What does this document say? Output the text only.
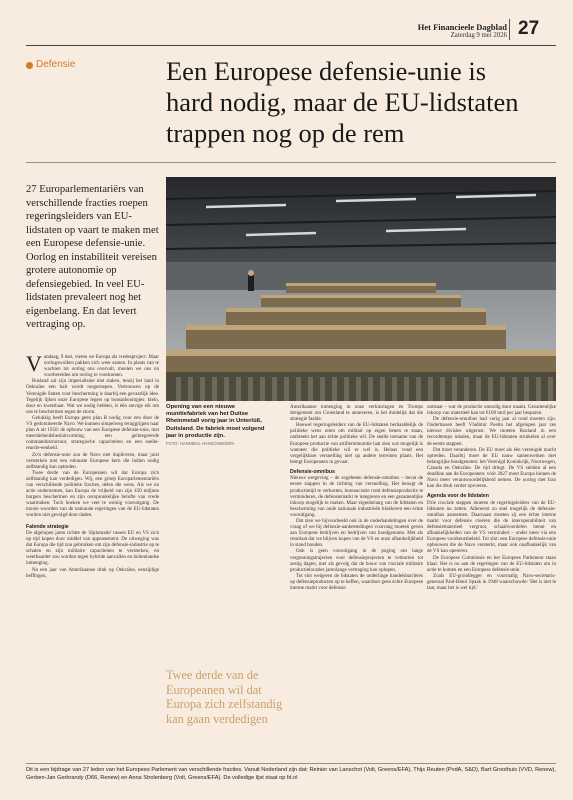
Het Financieele Dagblad
Zaterdag 9 mei 2026 27
Defensie	Een Europese defensie-unie is hard nodig, maar de EU-lidstaten trappen nog op de rem
27 Europarlementariërs van verschillende fracties roepen regeringsleiders van EU-lidstaten op vaart te maken met een Europese defensie-unie. Oorlog en instabiliteit vereisen grotere autonomie op defensiegebied. In veel EU-lidstaten prevaleert nog het eigenbelang. En dat levert vertraging op.

V andaag, 9 mei, vieren we Europa als vredesproject. Maar oorlogswolken pakken zich weer samen. In plaats van te wachten tot oorlog ons overvalt, moeten we ons nú voorbereiden om oorlog te voorkomen.

Rusland zal zijn imperialisme niet staken, tenzij het land in Oekraïne een halt wordt toegeroepen. Vertrouwen op de Verenigde Staten voor bescherming is daarbij een gevaarlijk idee. Tegelijk lijken onze Europese legers op bonsaiboompjes: klein, duur en kwetsbaar. Wat we nodig hebben, is één stevige eik om ons te beschermen tegen de storm.

Gelukkig heeft Europa geen plan B nodig voor een door de VS gedomineerde Navo. We kunnen simpelweg teruggrijpen naar plan A uit 1950: de opbouw van een Europese defensie-unie, met meerderheidsbesluitvorming, een geïntegreerde commandostructuur, strategische capaciteiten en een snelle-reactie-eenheid.

Zo'n defensie-unie zou de Navo niet dupliceren, maar juist versterken met een robuuste Europese kern die indien nodig zelfstandig kan optreden.

Twee derde van de Europeanen wil dat Europa zich zelfstandig kan verdedigen. Wij, een groep Europarlementariërs van verschillende politieke fracties, delen die wens. Als we nu actie ondernemen, kan Europa de vrijheid van zijn 450 miljoen burgers beschermen en zijn oorspronkelijke belofte van vrede waarmaken. Toch hoeken we veel te weinig vooruitgang. De mooie woorden van de nationale regeringen van de EU-lidstaten worden niet gevolgd door daden.

Falende strategie

De afgelopen jaren richtte de 'diplomatie' tussen EU en VS zich op tijd kopen door middel van appeasement. De uitweging was dat Europa die tijd zou gebruiken om zijn defensie-industrie op te schalen en zijn militaire capaciteiten te versterken, en weerbaarder zou worden tegen hybride aanvallen en buitenlandse inmenging.

Na een jaar van Amerikaanse druk op Oekraïne, eenzijdige heffingen,

Opening van een nieuwe munitiefabriek van het Duitse Rheinmetall vorig jaar in Unterlüß, Duitsland. De fabriek moet volgend jaar in productie zijn.
FOTO: HANNIBAL HANSCHKE/EPA

Amerikaanse inmenging in onze verkiezingen en Trumps dreigement om Groenland te annexeren, is het duidelijk dat die strategie faalde.

Hoewel regeringsleiders van de EU-lidstaten herhaaldelijk de politieke wens uiten om militair op eigen benen te staan, ontbreekt het aan échte politieke wil. De snelle toename van de Europese productie van artilleriemunitie laat zien wat mogelijk is wanneer die politieke wil er wel is. Helaas vond een vergelijkbare versnelling niet op andere terreinen plaats. Het bemgt Europeanen in gevaar.

Defensie-omnibus

Nieuwe wetgeving – de zogeheten defensie-omnibus – bevat de eerste stappen in de richting van versnelling. Het beoogt de productietijd te verkorten, bureaucratie rond defensieproductie te verminderen, de defensiemarkt te integreren en een gezamenlijke inkoop mogelijk te maken. Maar eigenbelang van de lidstaten en bescherming van oude nationale industrieën blokkeren een échte vooruitgang.

Dat zien we bijvoorbeeld ook in de onderhandelingen over de vraag of we bij defensie-aanbestedingen voorrang moeten geven aan Europese bedrijven en bedrijven van bondgenoten. Met als resultaat dat we blijven kopen van de VS en onze afhankelijkheid in stand houden.

Ook is geen vooruitgang in de poging om lange vergunningstrajecten voor defensieprojecten te verkorten tot zestig dagen, met als gevolg dat de bouw van cruciale militaire productielocaties jarenlange vertraging kan oplopen.

Tot slot weigeren de lidstaten de onderlinge handelsbarrières op defensieproducten op te heffen, waardoor geen échte Europese interne markt voor defensie

Twee derde van de Europeanen wil dat Europa zich zelfstandig kan gaan verdedigen

ontstaat – wat de productie onnodig duur maakt. Gezamenlijke inkoop van materieel kan tot €100 mrd per jaar besparen.

De defensie-omnibus had vorig jaar al rond moeten zijn. Ondertussen heeft Vladimir Poetin het afgelopen jaar zes nieuwe divisies uitgerust. We moeten Rusland in een recordtempo inhalen, maar de EU-lidstaten struikelen al over de eerste stappen.

Dat moet veranderen. De EU moet als één verenigde macht optreden. Daarbij moet de EU nauw samenwerken met belangrijke bondgenoten: het Verenigd Koninkrijk, Noorwegen, Canada en Oekraïne. De tijd dringt. De VS stelden al een deadline aan de Europeanen: vóór 2027 moet Europa binnen de Navo meer verantwoordelijkheid nemen. De oorlog met Iran kan die druk verder opvoeren.

Agenda voor de lidstaten

Drie cruciale stappen moeten de regeringsleiders van de EU-lidstaten nu zetten. Allereerst zo snel mogelijk de defensie-omnibus aannemen. Daarnaast moeten zij een échte interne markt voor defensie creëren die de interoperabiliteit van defensiematerieel vergroot, schaalvoordelen benut en afhankelijkheden van de VS vermindert – onder meer via een Europees voorkeursbeleid. Tot slot: een Europese defensie-unie opbouwen die de Navo versterkt, maar ook onafhankelijk van de VS kan opereren.

De Europese Commissie en het Europees Parlement staan klaar. Het is nu aan de regeringen van de EU-lidstaten om in actie te komen en een Europese defensie-unie.

Zoals EU-grondlegger en voormalig Navo-secretaris-generaal Paul-Henri Spaak in 1948 waarschuwde: 'Het is niet te laat, maar het is wel tijd.'

Dit is een bijdrage van 27 leden van het Europees Parlement van verschillende fracties. Vanuit Nederland zijn dat: Reinier van Lanschot (Volt, Greens/EFA), Thijs Reuten (PvdA, S&D), Bart Groothuis (VVD, Renew), Gerben-Jan Gerbrandy (D66, Renew) en Anna Strolenberg (Volt, Greens/EFA). De volledige lijst staat op fd.nl
